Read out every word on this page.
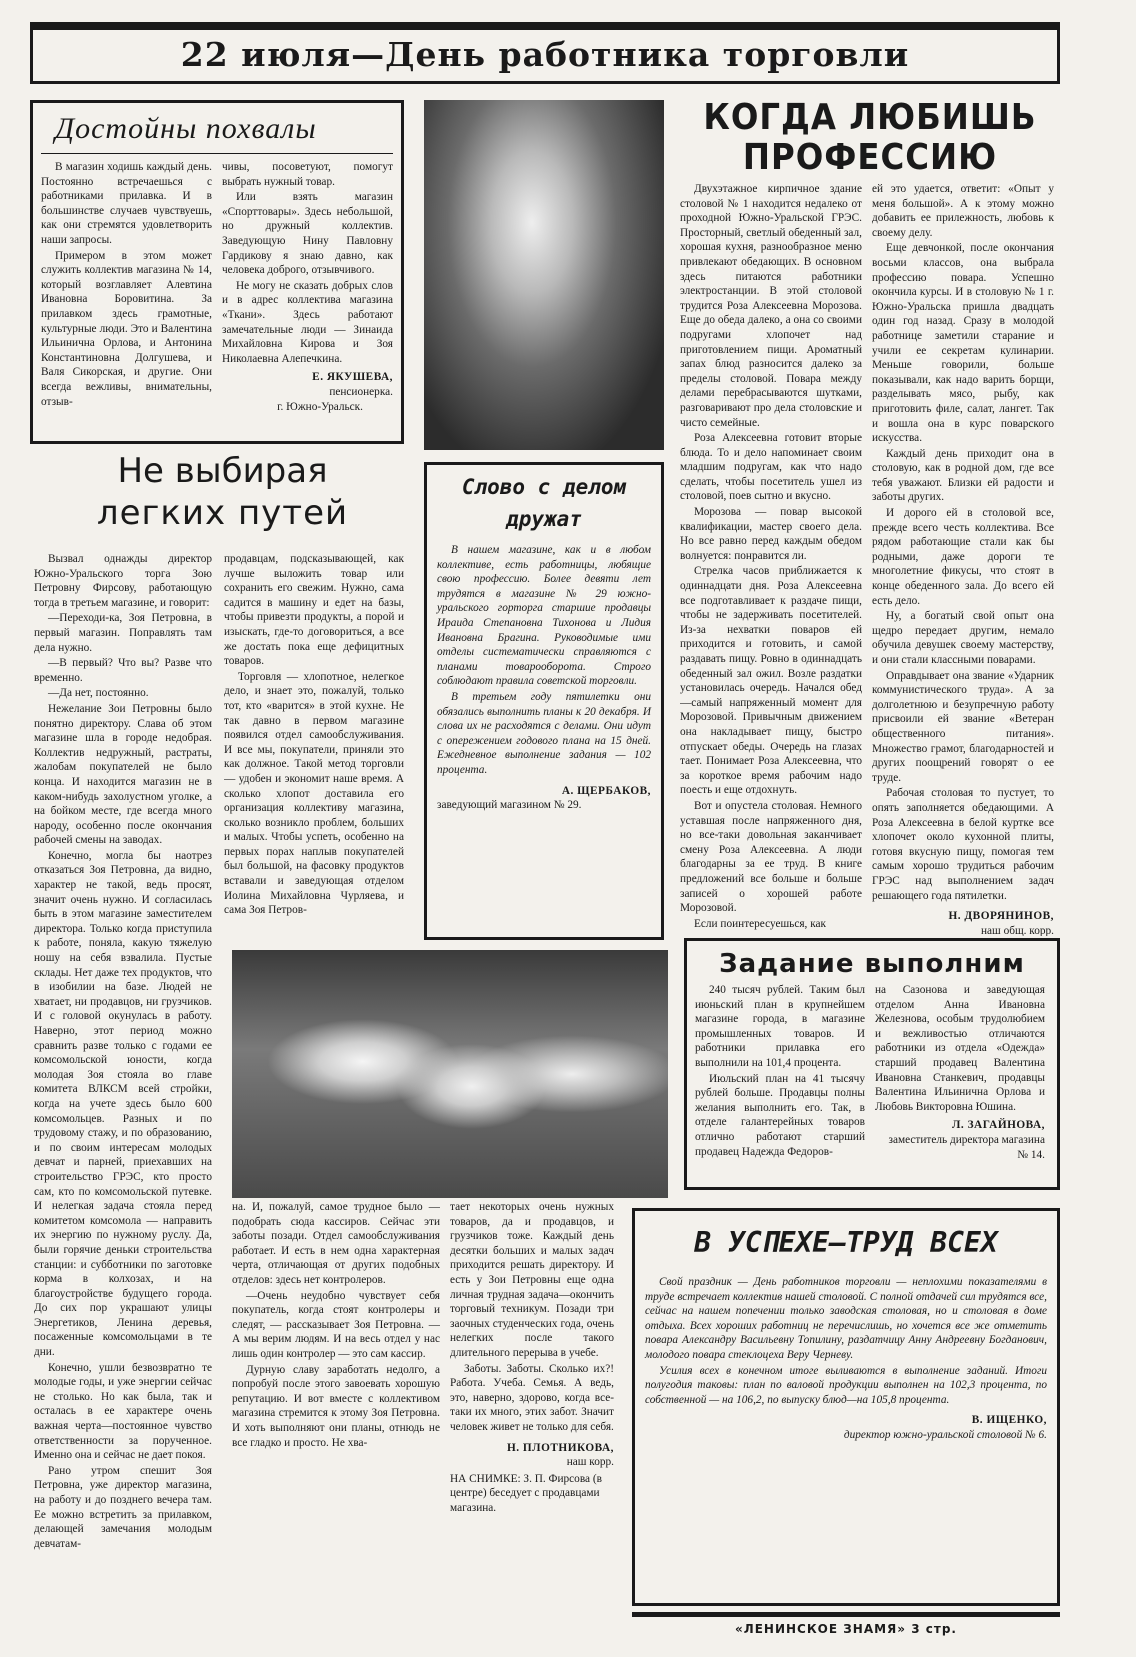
22 июля—День работника торговли
Достойны похвалы

В магазин ходишь каждый день. Постоянно встречаешься с работниками прилавка. И в большинстве случаев чувствуешь, как они стремятся удовлетворить наши запросы.

Примером в этом может служить коллектив магазина № 14, который возглавляет Алевтина Ивановна Боровитина. За прилавком здесь грамотные, культурные люди. Это и Валентина Ильинична Орлова, и Антонина Константиновна Долгушева, и Валя Сикорская, и другие. Они всегда вежливы, внимательны, отзыв-

чивы, посоветуют, помогут выбрать нужный товар.

Или взять магазин «Спорттовары». Здесь небольшой, но дружный коллектив. Заведующую Нину Павловну Гардикову я знаю давно, как человека доброго, отзывчивого.

Не могу не сказать добрых слов и в адрес коллектива магазина «Ткани». Здесь работают замечательные люди — Зинаида Михайловна Кирова и Зоя Николаевна Алепечкина.

Е. ЯКУШЕВА,
пенсионерка.
г. Южно-Уральск.
КОГДА ЛЮБИШЬ
ПРОФЕССИЮ

Двухэтажное кирпичное здание столовой № 1 находится недалеко от проходной Южно-Уральской ГРЭС. Просторный, светлый обеденный зал, хорошая кухня, разнообразное меню привлекают обедающих. В основном здесь питаются работники электростанции. В этой столовой трудится Роза Алексеевна Морозова. Еще до обеда далеко, а она со своими подругами хлопочет над приготовлением пищи. Ароматный запах блюд разносится далеко за пределы столовой. Повара между делами перебрасываются шутками, разговаривают про дела столовские и чисто семейные.

Роза Алексеевна готовит вторые блюда. То и дело напоминает своим младшим подругам, как что надо сделать, чтобы посетитель ушел из столовой, поев сытно и вкусно.

Морозова — повар высокой квалификации, мастер своего дела. Но все равно перед каждым обедом волнуется: понравится ли.

Стрелка часов приближается к одиннадцати дня. Роза Алексеевна все подготавливает к раздаче пищи, чтобы не задерживать посетителей. Из-за нехватки поваров ей приходится и готовить, и самой раздавать пищу. Ровно в одиннадцать обеденный зал ожил. Возле раздатки установилась очередь. Начался обед—самый напряженный момент для Морозовой. Привычным движением она накладывает пищу, быстро отпускает обеды. Очередь на глазах тает. Понимает Роза Алексеевна, что за короткое время рабочим надо поесть и еще отдохнуть.

Вот и опустела столовая. Немного уставшая после напряженного дня, но все-таки довольная заканчивает смену Роза Алексеевна. А люди благодарны за ее труд. В книге предложений все больше и больше записей о хорошей работе Морозовой.

Если поинтересуешься, как

ей это удается, ответит: «Опыт у меня большой». А к этому можно добавить ее прилежность, любовь к своему делу.

Еще девчонкой, после окончания восьми классов, она выбрала профессию повара. Успешно окончила курсы. И в столовую № 1 г. Южно-Уральска пришла двадцать один год назад. Сразу в молодой работнице заметили старание и учили ее секретам кулинарии. Меньше говорили, больше показывали, как надо варить борщи, разделывать мясо, рыбу, как приготовить филе, салат, лангет. Так и вошла она в курс поварского искусства.

Каждый день приходит она в столовую, как в родной дом, где все тебя уважают. Близки ей радости и заботы других.

И дорого ей в столовой все, прежде всего честь коллектива. Все рядом работающие стали как бы родными, даже дороги те многолетние фикусы, что стоят в конце обеденного зала. До всего ей есть дело.

Ну, а богатый свой опыт она щедро передает другим, немало обучила девушек своему мастерству, и они стали классными поварами.

Оправдывает она звание «Ударник коммунистического труда». А за долголетнюю и безупречную работу присвоили ей звание «Ветеран общественного питания». Множество грамот, благодарностей и других поощрений говорят о ее труде.

Рабочая столовая то пустует, то опять заполняется обедающими. А Роза Алексеевна в белой куртке все хлопочет около кухонной плиты, готовя вкусную пищу, помогая тем самым хорошо трудиться рабочим ГРЭС над выполнением задач решающего года пятилетки.

Н. ДВОРЯНИНОВ,
наш общ. корр.
Не выбирая
легких путей

Вызвал однажды директор Южно-Уральского торга Зою Петровну Фирсову, работающую тогда в третьем магазине, и говорит:

—Переходи-ка, Зоя Петровна, в первый магазин. Поправлять там дела нужно.

—В первый? Что вы? Разве что временно.

—Да нет, постоянно.

Нежелание Зои Петровны было понятно директору. Слава об этом магазине шла в городе недобрая. Коллектив недружный, растраты, жалобам покупателей не было конца. И находится магазин не в каком-нибудь захолустном уголке, а на бойком месте, где всегда много народу, особенно после окончания рабочей смены на заводах.

Конечно, могла бы наотрез отказаться Зоя Петровна, да видно, характер не такой, ведь просят, значит очень нужно. И согласилась быть в этом магазине заместителем директора. Только когда приступила к работе, поняла, какую тяжелую ношу на себя взвалила. Пустые склады. Нет даже тех продуктов, что в изобилии на базе. Людей не хватает, ни продавцов, ни грузчиков. И с головой окунулась в работу. Наверно, этот период можно сравнить разве только с годами ее комсомольской юности, когда молодая Зоя стояла во главе комитета ВЛКСМ всей стройки, когда на учете здесь было 600 комсомольцев. Разных и по трудовому стажу, и по образованию, и по своим интересам молодых девчат и парней, приехавших на строительство ГРЭС, кто просто сам, кто по комсомольской путевке. И нелегкая задача стояла перед комитетом комсомола — направить их энергию по нужному руслу. Да, были горячие деньки строительства станции: и субботники по заготовке корма в колхозах, и на благоустройстве будущего города. До сих пор украшают улицы Энергетиков, Ленина деревья, посаженные комсомольцами в те дни.

Конечно, ушли безвозвратно те молодые годы, и уже энергии сейчас не столько. Но как была, так и осталась в ее характере очень важная черта—постоянное чувство ответственности за порученное. Именно она и сейчас не дает покоя.

Рано утром спешит Зоя Петровна, уже директор магазина, на работу и до позднего вечера там. Ее можно встретить за прилавком, делающей замечания молодым девчатам-

продавцам, подсказывающей, как лучше выложить товар или сохранить его свежим. Нужно, сама садится в машину и едет на базы, чтобы привезти продукты, а порой и изыскать, где-то договориться, а все же достать пока еще дефицитных товаров.

Торговля — хлопотное, нелегкое дело, и знает это, пожалуй, только тот, кто «варится» в этой кухне. Не так давно в первом магазине появился отдел самообслуживания. И все мы, покупатели, приняли это как должное. Такой метод торговли — удобен и экономит наше время. А сколько хлопот доставила его организация коллективу магазина, сколько возникло проблем, больших и малых. Чтобы успеть, особенно на первых порах наплыв покупателей был большой, на фасовку продуктов вставали и заведующая отделом Иолина Михайловна Чурляева, и сама Зоя Петров-

Слово с делом
дружат

В нашем магазине, как и в любом коллективе, есть работницы, любящие свою профессию. Более девяти лет трудятся в магазине № 29 южно-уральского горторга старшие продавцы Ираида Степановна Тихонова и Лидия Ивановна Брагина. Руководимые ими отделы систематически справляются с планами товарооборота. Строго соблюдают правила советской торговли.

В третьем году пятилетки они обязались выполнить планы к 20 декабря. И слова их не расходятся с делами. Они идут с опережением годового плана на 15 дней. Ежедневное выполнение задания — 102 процента.

А. ЩЕРБАКОВ,
заведующий магазином № 29.

на. И, пожалуй, самое трудное было — подобрать сюда кассиров. Сейчас эти заботы позади. Отдел самообслуживания работает. И есть в нем одна характерная черта, отличающая от других подобных отделов: здесь нет контролеров.

—Очень неудобно чувствует себя покупатель, когда стоят контролеры и следят, — рассказывает Зоя Петровна. — А мы верим людям. И на весь отдел у нас лишь один контролер — это сам кассир.

Дурную славу заработать недолго, а попробуй после этого завоевать хорошую репутацию. И вот вместе с коллективом магазина стремится к этому Зоя Петровна. И хоть выполняют они планы, отнюдь не все гладко и просто. Не хва-

тает некоторых очень нужных товаров, да и продавцов, и грузчиков тоже. Каждый день десятки больших и малых задач приходится решать директору. И есть у Зои Петровны еще одна личная трудная задача—окончить торговый техникум. Позади три заочных студенческих года, очень нелегких после такого длительного перерыва в учебе.

Заботы. Заботы. Сколько их?! Работа. Учеба. Семья. А ведь, это, наверно, здорово, когда все-таки их много, этих забот. Значит человек живет не только для себя.

Н. ПЛОТНИКОВА,
наш корр.
НА СНИМКЕ: З. П. Фирсова (в центре) беседует с продавцами магазина.
Задание выполним

240 тысяч рублей. Таким был июньский план в крупнейшем магазине города, в магазине промышленных товаров. И работники прилавка его выполнили на 101,4 процента.

Июльский план на 41 тысячу рублей больше. Продавцы полны желания выполнить его. Так, в отделе галантерейных товаров отлично работают старший продавец Надежда Федоров-

на Сазонова и заведующая отделом Анна Ивановна Железнова, особым трудолюбием и вежливостью отличаются работники из отдела «Одежда» старший продавец Валентина Ивановна Станкевич, продавцы Валентина Ильинична Орлова и Любовь Викторовна Юшина.

Л. ЗАГАЙНОВА,
заместитель директора магазина № 14.
В УСПЕХЕ—ТРУД ВСЕХ

Свой праздник — День работников торговли — неплохими показателями в труде встречает коллектив нашей столовой. С полной отдачей сил трудятся все, сейчас на нашем попечении только заводская столовая, но и столовая в доме отдыха. Всех хороших работниц не перечислишь, но хочется все же отметить повара Александру Васильевну Топилину, раздатчицу Анну Андреевну Богданович, молодого повара стеклоцеха Веру Черневу.

Усилия всех в конечном итоге выливаются в выполнение заданий. Итоги полугодия таковы: план по валовой продукции выполнен на 102,3 процента, по собственной — на 106,2, по выпуску блюд—на 105,8 процента.

В. ИЩЕНКО,
директор южно-уральской столовой № 6.
«ЛЕНИНСКОЕ ЗНАМЯ» 3 стр.
